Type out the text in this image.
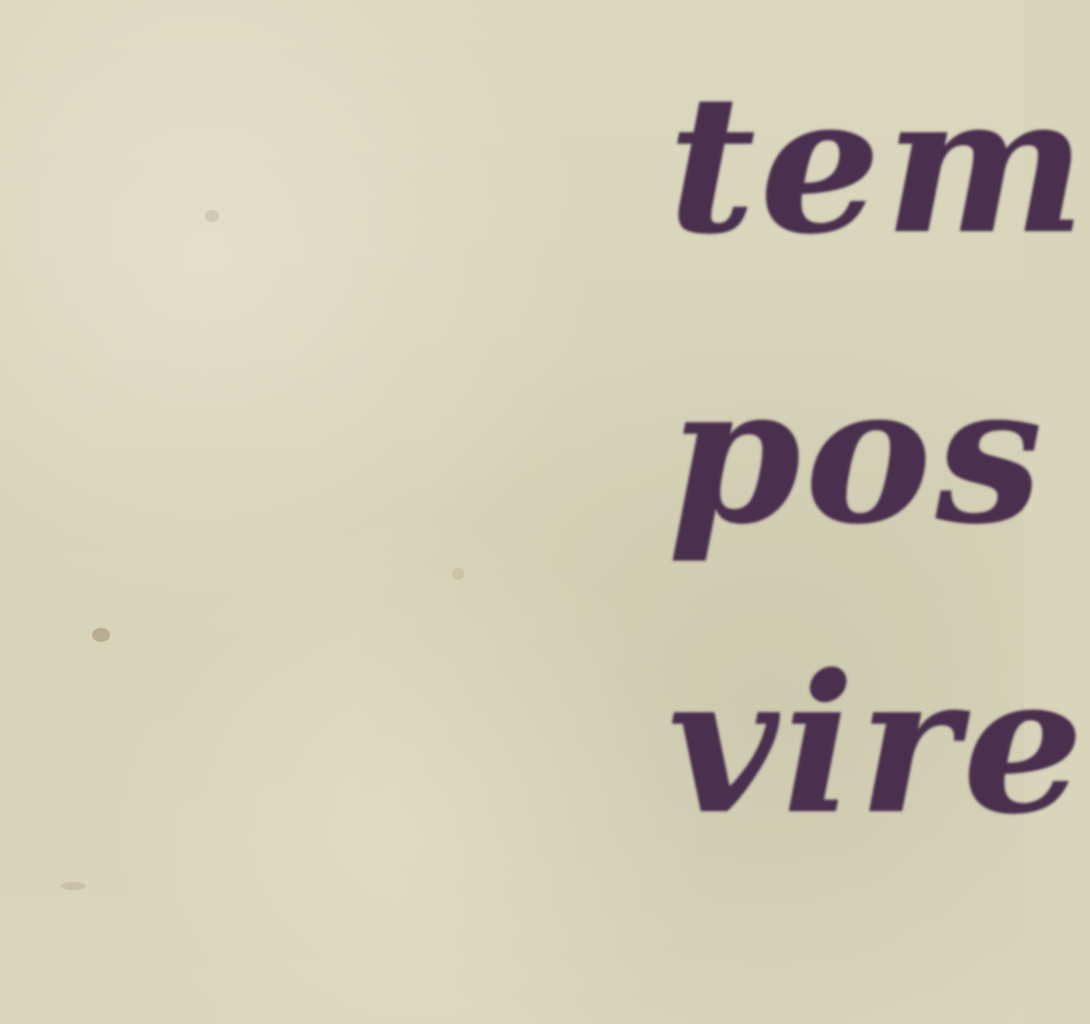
tem
pos
vire
